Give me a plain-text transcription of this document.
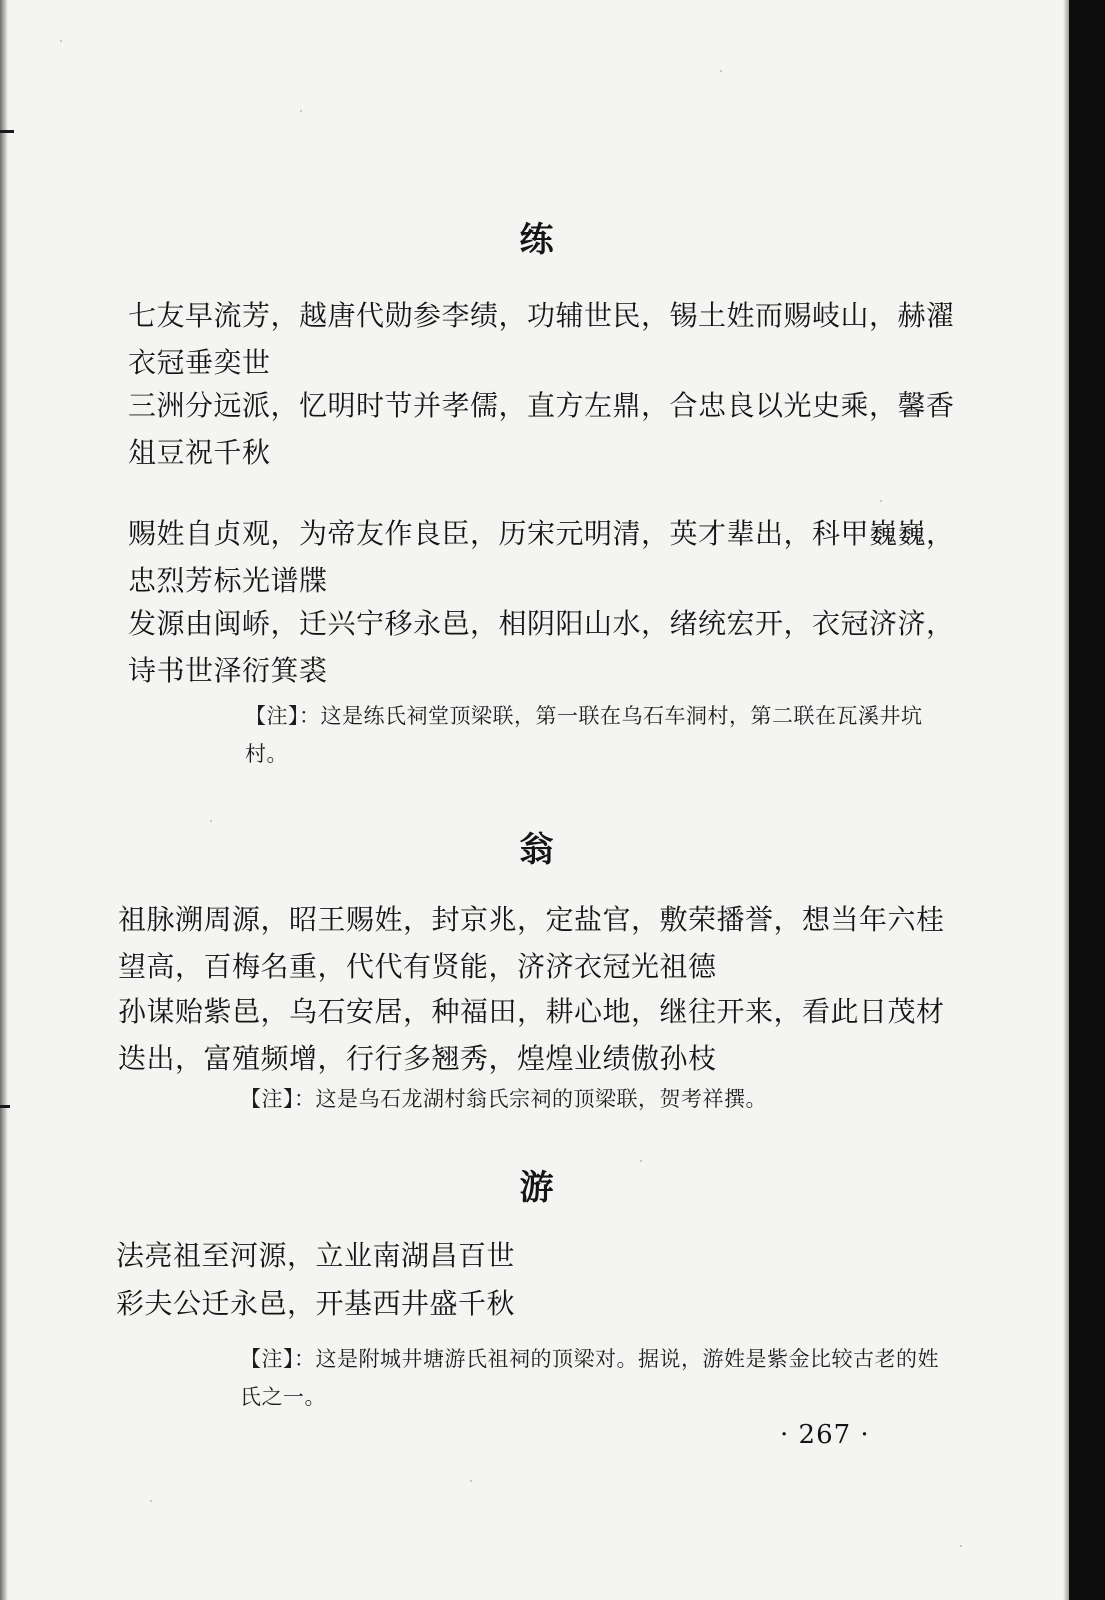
练
七友早流芳，越唐代勋参李绩，功辅世民，锡土姓而赐岐山，赫濯衣冠垂奕世
三洲分远派，忆明时节并孝儒，直方左鼎，合忠良以光史乘，馨香俎豆祝千秋
赐姓自贞观，为帝友作良臣，历宋元明清，英才辈出，科甲巍巍，忠烈芳标光谱牒
发源由闽峤，迁兴宁移永邑，相阴阳山水，绪统宏开，衣冠济济，诗书世泽衍箕裘
【注】：这是练氏祠堂顶梁联，第一联在乌石车洞村，第二联在瓦溪井坑村。
翁
祖脉溯周源，昭王赐姓，封京兆，定盐官，敷荣播誉，想当年六桂望高，百梅名重，代代有贤能，济济衣冠光祖德
孙谋贻紫邑，乌石安居，种福田，耕心地，继往开来，看此日茂材迭出，富殖频增，行行多翘秀，煌煌业绩傲孙枝
【注】：这是乌石龙湖村翁氏宗祠的顶梁联，贺考祥撰。
游
法亮祖至河源，立业南湖昌百世
彩夫公迁永邑，开基西井盛千秋
【注】：这是附城井塘游氏祖祠的顶梁对。据说，游姓是紫金比较古老的姓氏之一。
· 267 ·
